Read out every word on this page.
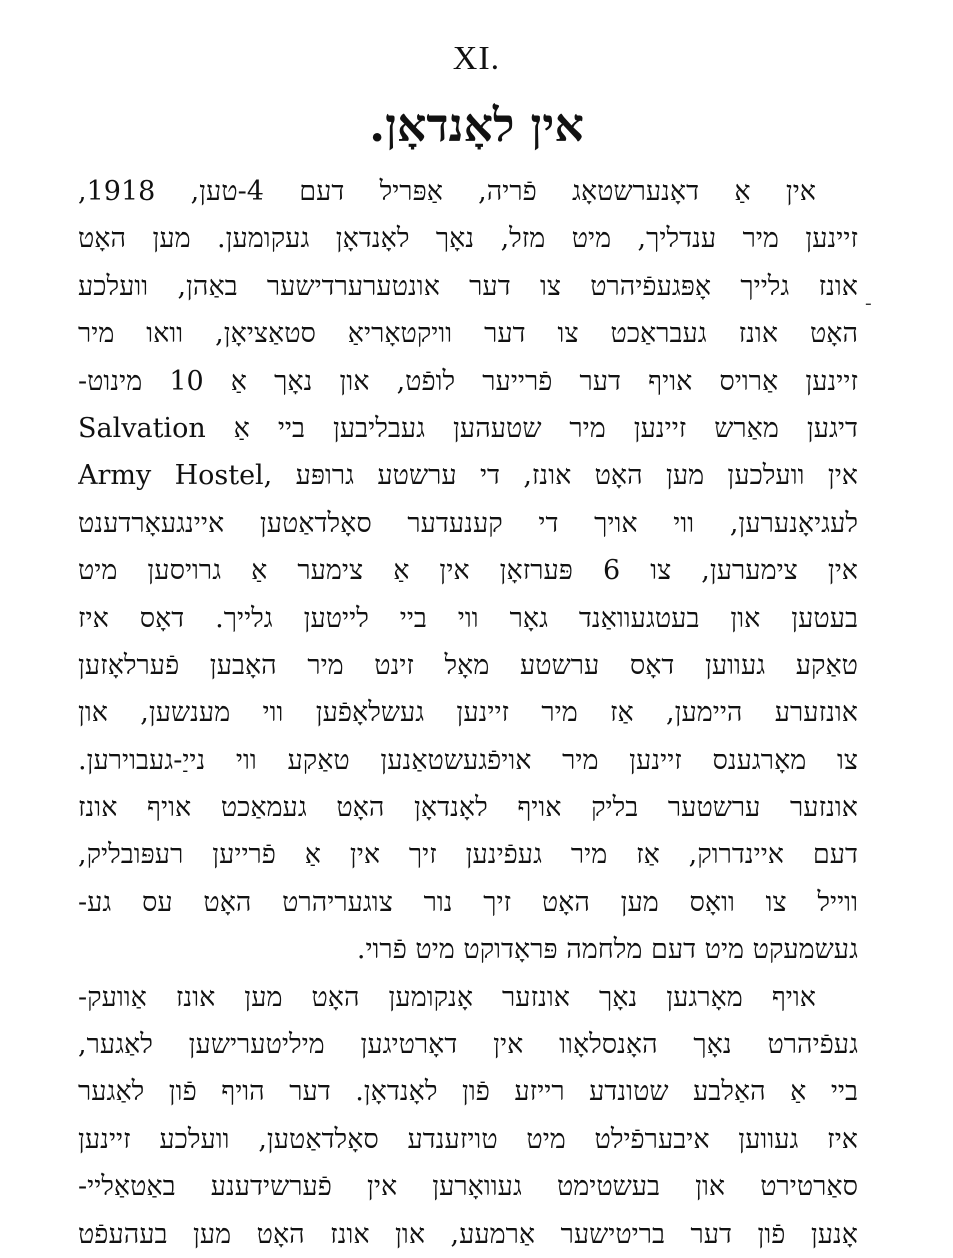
XI.
אין לאָנדאָן.
ـ
אין אַ דאָנערשטאָג פֿריה, אַפּריל דעם 4-טען, 1918,
זיינען מיר ענדליך, מיט מזל, נאָך לאָנדאָן געקומען. מען האָט
אונז גלייך אָפּגעפֿיהרט צו דער אונטערערדישער באַהן, וועלכע
האָט אונז געבראַכט צו דער וויקטאָריאַ סטאַציאָן, וואו מיר
זיינען אַרויס אויף דער פֿרייער לופֿט, און נאָך אַ 10 מינוט-
דיגען מאַרש זיינען מיר שטעהען געבליבען ביי אַ Salvation
Army Hostel, אין וועלכען מען האָט אונז, די ערשטע גרופּע
לעגיאָנערען, ווי אויך די קענעדער סאָלדאַטען איינגעאָרדענט
אין צימערען, צו 6 פּערזאָן אין אַ צימער אַ גרויסען מיט
בעטען און בעטגעוואַנד גאָר ווי ביי לייטען גלייך. דאָס איז
טאַקע געווען דאָס ערשטע מאָל זינט מיר האָבען פֿערלאָזען
אונזערע היימען, אַז מיר זיינען געשלאָפֿען ווי מענשען, און
צו מאָרגענס זיינען מיר אויפֿגעשטאַנען טאַקע ווי נייַ-געבוירען.
אונזער ערשטער בליק אויף לאָנדאָן האָט געמאַכט אויף אונז
דעם איינדרוק, אַז מיר געפֿינען זיך אין אַ פֿרייען רעפּובליק,
ווייל צו וואָס מען האָט זיך נור צוגעריהרט האָט עס גע-
געשמעקט מיט דעם מלחמה פּראָדוקט מיט פֿרוי.
אויף מאָרגען נאָך אונזער אָנקומען האָט מען אונז אַוועק-
געפֿיהרט נאָך האָנסלאָוו אין דאָרטיגען מיליטערישען לאַגער,
ביי אַ האַלבע שטונדע רייזע פֿון לאָנדאָן. דער הויף פֿון לאַגער
איז געווען איבערפֿילט מיט טויזענדע סאָלדאַטען, וועלכע זיינען
סאַרטירט און בעשטימט געוואָרען אין פֿערשידענע באַטאַליי-
אָנען פֿון דער בריטישער אַרמעע, און אונז האָט מען בעהעפֿט
